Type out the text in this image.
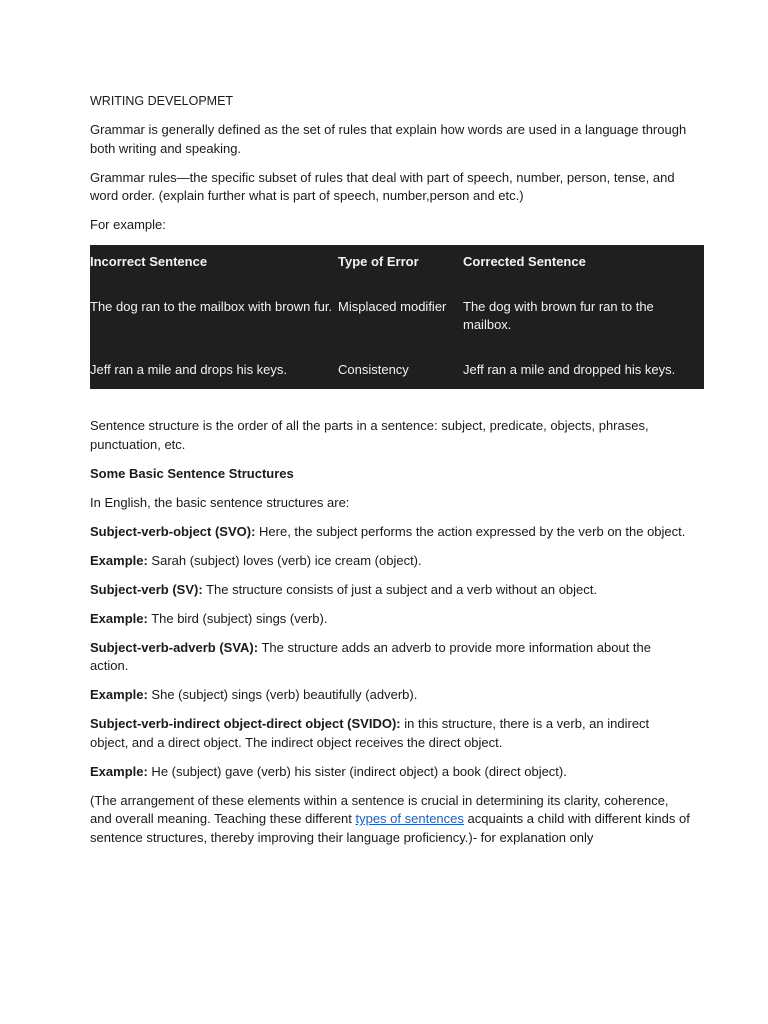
WRITING DEVELOPMET

Grammar is generally defined as the set of rules that explain how words are used in a language through both writing and speaking.

Grammar rules—the specific subset of rules that deal with part of speech, number, person, tense, and word order. (explain further what is part of speech, number,person and etc.)

For example:

Incorrect Sentence	Type of Error	Corrected Sentence
The dog ran to the mailbox with brown fur.	Misplaced modifier	The dog with brown fur ran to the mailbox.
Jeff ran a mile and drops his keys.	Consistency	Jeff ran a mile and dropped his keys.

Sentence structure is the order of all the parts in a sentence: subject, predicate, objects, phrases, punctuation, etc.

Some Basic Sentence Structures

In English, the basic sentence structures are:

Subject-verb-object (SVO): Here, the subject performs the action expressed by the verb on the object.

Example: Sarah (subject) loves (verb) ice cream (object).

Subject-verb (SV): The structure consists of just a subject and a verb without an object.

Example: The bird (subject) sings (verb).

Subject-verb-adverb (SVA): The structure adds an adverb to provide more information about the action.

Example: She (subject) sings (verb) beautifully (adverb).

Subject-verb-indirect object-direct object (SVIDO): in this structure, there is a verb, an indirect object, and a direct object. The indirect object receives the direct object.

Example: He (subject) gave (verb) his sister (indirect object) a book (direct object).

(The arrangement of these elements within a sentence is crucial in determining its clarity, coherence, and overall meaning. Teaching these different types of sentences acquaints a child with different kinds of sentence structures, thereby improving their language proficiency.)- for explanation only
